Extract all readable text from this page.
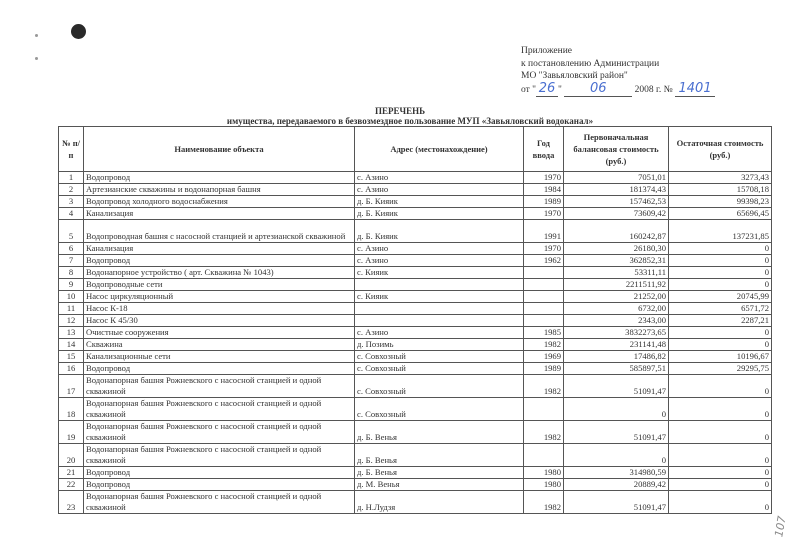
Приложение
к постановлению Администрации
МО "Завьяловский район"
от " 26 " 06	2008 г. № 1401
ПЕРЕЧЕНЬ
имущества, передаваемого в безвозмездное пользование МУП «Завьяловский водоканал»
№ п/п	Наименование объекта	Адрес (местонахождение)	Год ввода	Первоначальная балансовая стоимость (руб.)	Остаточная стоимость (руб.)
1	Водопровод	с. Азино	1970	7051,01	3273,43
2	Артезианские скважины и водонапорная башня	с. Азино	1984	181374,43	15708,18
3	Водопровод холодного водоснабжения	д. Б. Кияик	1989	157462,53	99398,23
4	Канализация	д. Б. Кияик	1970	73609,42	65696,45
5	Водопроводная башня с насосной станцией и артезианской скважиной	д. Б. Кияик	1991	160242,87	137231,85
6	Канализация	с. Азино	1970	26180,30	0
7	Водопровод	с. Азино	1962	362852,31	0
8	Водонапорное устройство ( арт. Скважина № 1043)	с. Кияик		53311,11	0
9	Водопроводные сети			2211511,92	0
10	Насос циркуляционный	с. Кияик		21252,00	20745,99
11	Насос К-18			6732,00	6571,72
12	Насос К 45/30			2343,00	2287,21
13	Очистные сооружения	с. Азино	1985	3832273,65	0
14	Скважина	д. Позимь	1982	231141,48	0
15	Канализационные сети	с. Совхозный	1969	17486,82	10196,67
16	Водопровод	с. Совхозный	1989	585897,51	29295,75
17	Водонапорная башня Рожневского с насосной станцией и одной скважиной	с. Совхозный	1982	51091,47	0
18	Водонапорная башня Рожневского с насосной станцией и одной скважиной	с. Совхозный		0	0
19	Водонапорная башня Рожневского с насосной станцией и одной скважиной	д. Б. Венья	1982	51091,47	0
20	Водонапорная башня Рожневского с насосной станцией и одной скважиной	д. Б. Венья		0	0
21	Водопровод	д. Б. Венья	1980	314980,59	0
22	Водопровод	д. М. Венья	1980	20889,42	0
23	Водонапорная башня Рожневского с насосной станцией и одной скважиной	д. Н.Лудзя	1982	51091,47	0
107
